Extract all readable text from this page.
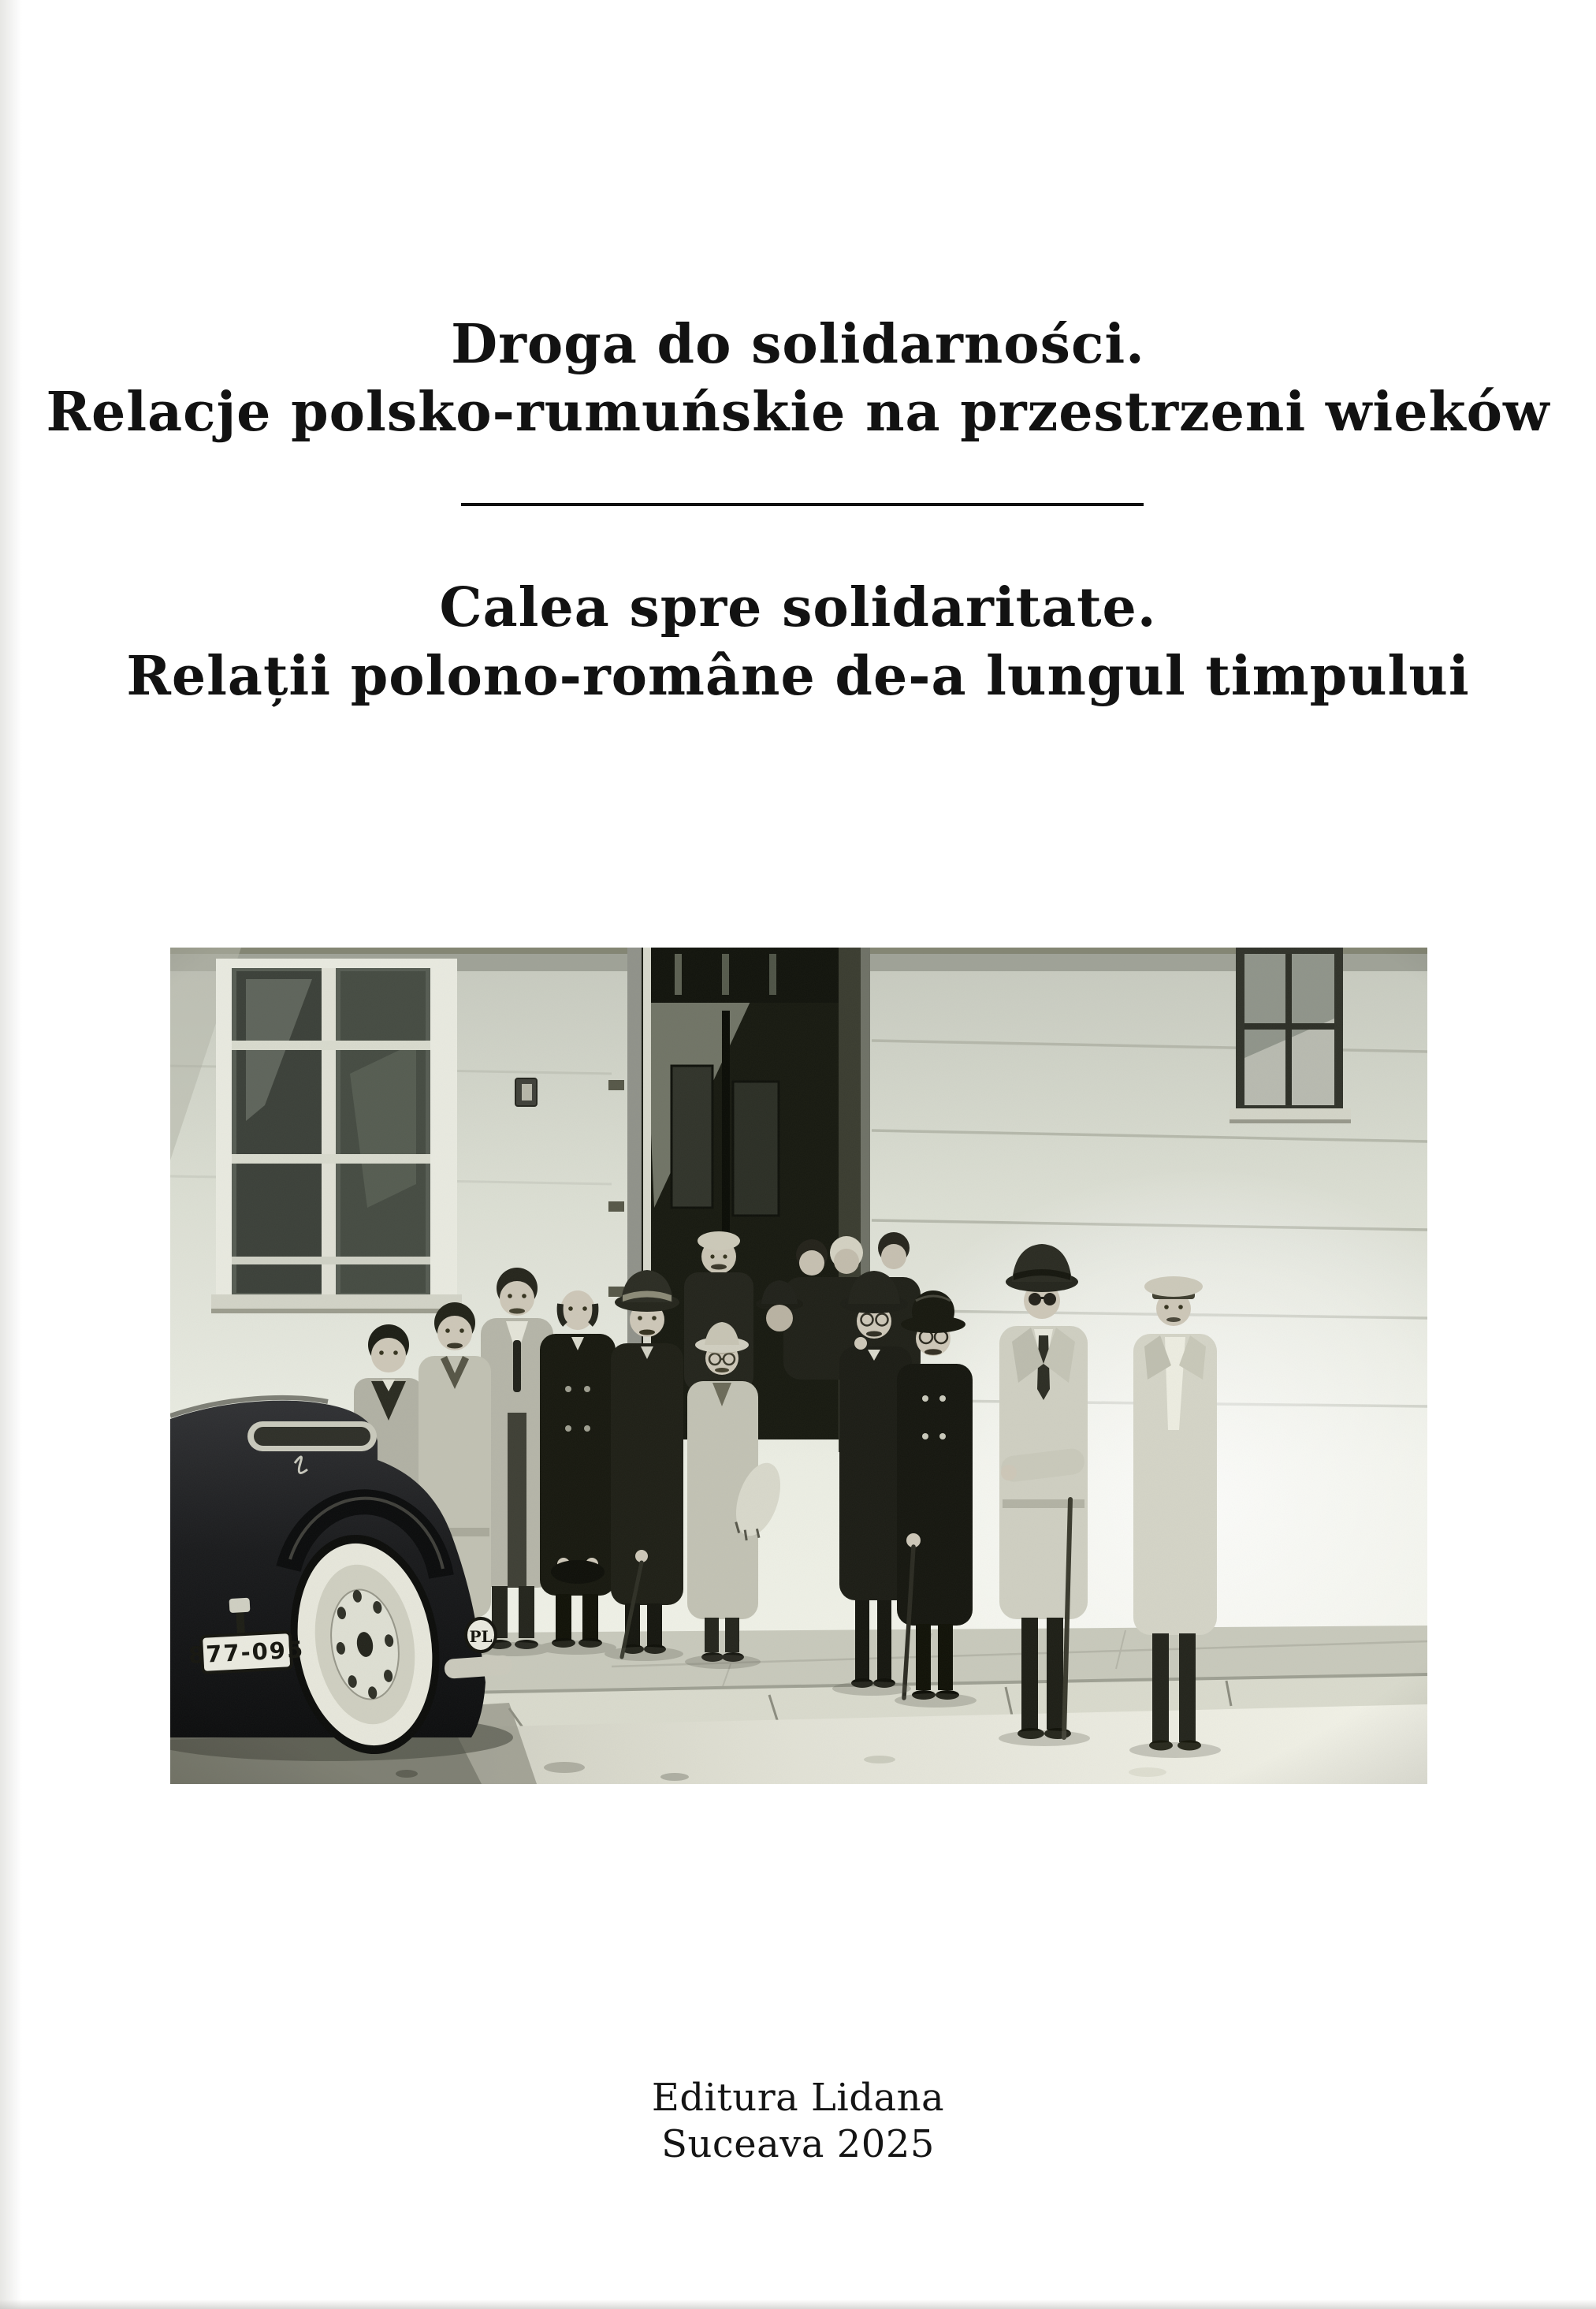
Droga do solidarności.
Relacje polsko-rumuńskie na przestrzeni wieków
Calea spre solidaritate.
Relații polono-române de-a lungul timpului
Editura Lidana
Suceava 2025
